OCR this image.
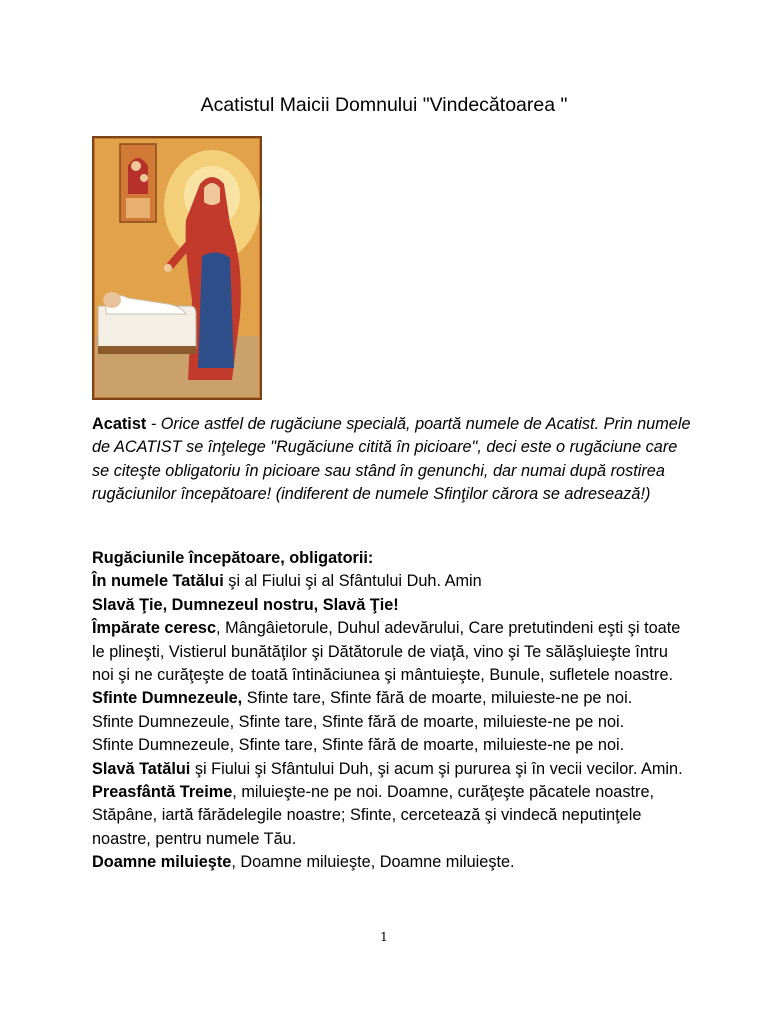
Acatistul Maicii Domnului "Vindecătoarea "

Acatist - Orice astfel de rugăciune specială, poartă numele de Acatist. Prin numele de ACATIST se înţelege "Rugăciune citită în picioare", deci este o rugăciune care se citeşte obligatoriu în picioare sau stând în genunchi, dar numai după rostirea rugăciunilor începătoare! (indiferent de numele Sfinţilor cărora se adresează!)

Rugăciunile începătoare, obligatorii:

În numele Tatălui şi al Fiului şi al Sfântului Duh. Amin

Slavă Ţie, Dumnezeul nostru, Slavă Ţie!

Împărate ceresc, Mângâietorule, Duhul adevărului, Care pretutindeni eşti şi toate le plineşti, Vistierul bunătăţilor şi Dătătorule de viaţă, vino şi Te sălăşluieşte întru noi şi ne curăţeşte de toată întinăciunea şi mântuieşte, Bunule, sufletele noastre.

Sfinte Dumnezeule, Sfinte tare, Sfinte fără de moarte, miluieste-ne pe noi.

Sfinte Dumnezeule, Sfinte tare, Sfinte fără de moarte, miluieste-ne pe noi.

Sfinte Dumnezeule, Sfinte tare, Sfinte fără de moarte, miluieste-ne pe noi.

Slavă Tatălui şi Fiului şi Sfântului Duh, şi acum şi pururea şi în vecii vecilor. Amin.

Preasfântă Treime, miluieşte-ne pe noi. Doamne, curăţeşte păcatele noastre, Stăpâne, iartă fărădelegile noastre; Sfinte, cercetează şi vindecă neputinţele noastre, pentru numele Tău.

Doamne miluieşte, Doamne miluieşte, Doamne miluieşte.

1
